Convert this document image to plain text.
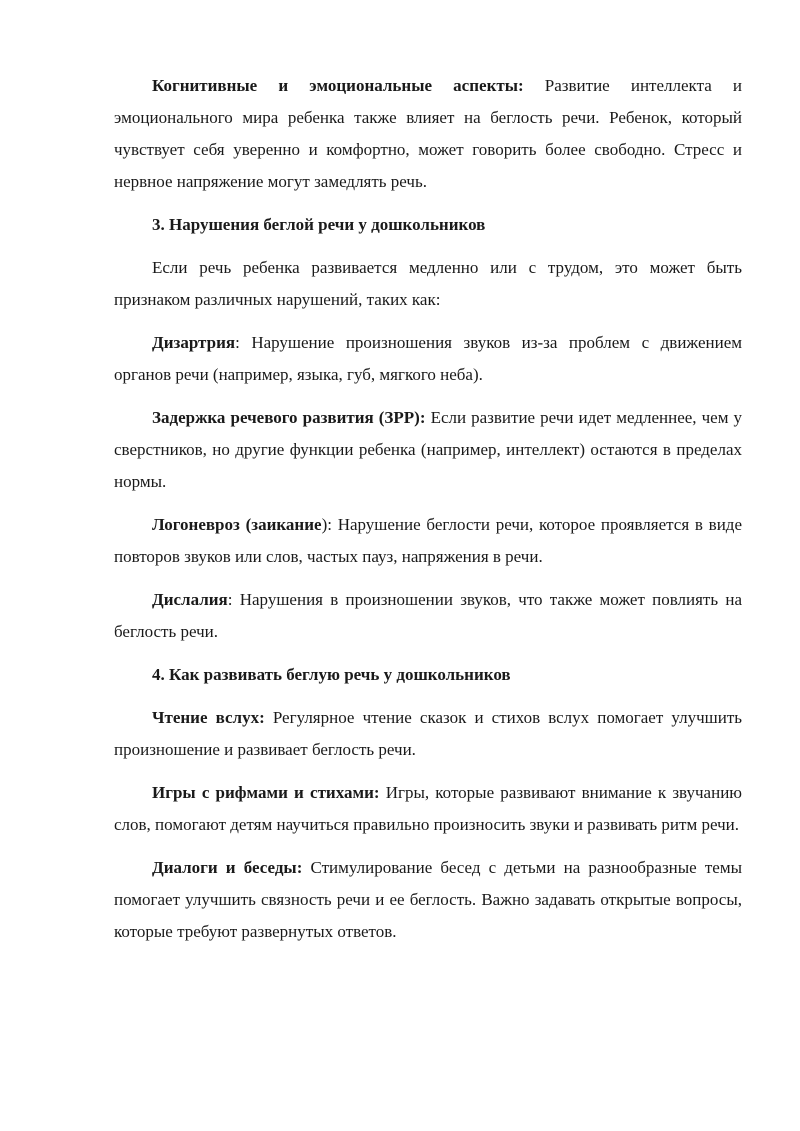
Когнитивные и эмоциональные аспекты: Развитие интеллекта и эмоционального мира ребенка также влияет на беглость речи. Ребенок, который чувствует себя уверенно и комфортно, может говорить более свободно. Стресс и нервное напряжение могут замедлять речь.

3. Нарушения беглой речи у дошкольников

Если речь ребенка развивается медленно или с трудом, это может быть признаком различных нарушений, таких как:

Дизартрия: Нарушение произношения звуков из-за проблем с движением органов речи (например, языка, губ, мягкого неба).

Задержка речевого развития (ЗРР): Если развитие речи идет медленнее, чем у сверстников, но другие функции ребенка (например, интеллект) остаются в пределах нормы.

Логоневроз (заикание): Нарушение беглости речи, которое проявляется в виде повторов звуков или слов, частых пауз, напряжения в речи.

Дислалия: Нарушения в произношении звуков, что также может повлиять на беглость речи.

4. Как развивать беглую речь у дошкольников

Чтение вслух: Регулярное чтение сказок и стихов вслух помогает улучшить произношение и развивает беглость речи.

Игры с рифмами и стихами: Игры, которые развивают внимание к звучанию слов, помогают детям научиться правильно произносить звуки и развивать ритм речи.

Диалоги и беседы: Стимулирование бесед с детьми на разнообразные темы помогает улучшить связность речи и ее беглость. Важно задавать открытые вопросы, которые требуют развернутых ответов.
